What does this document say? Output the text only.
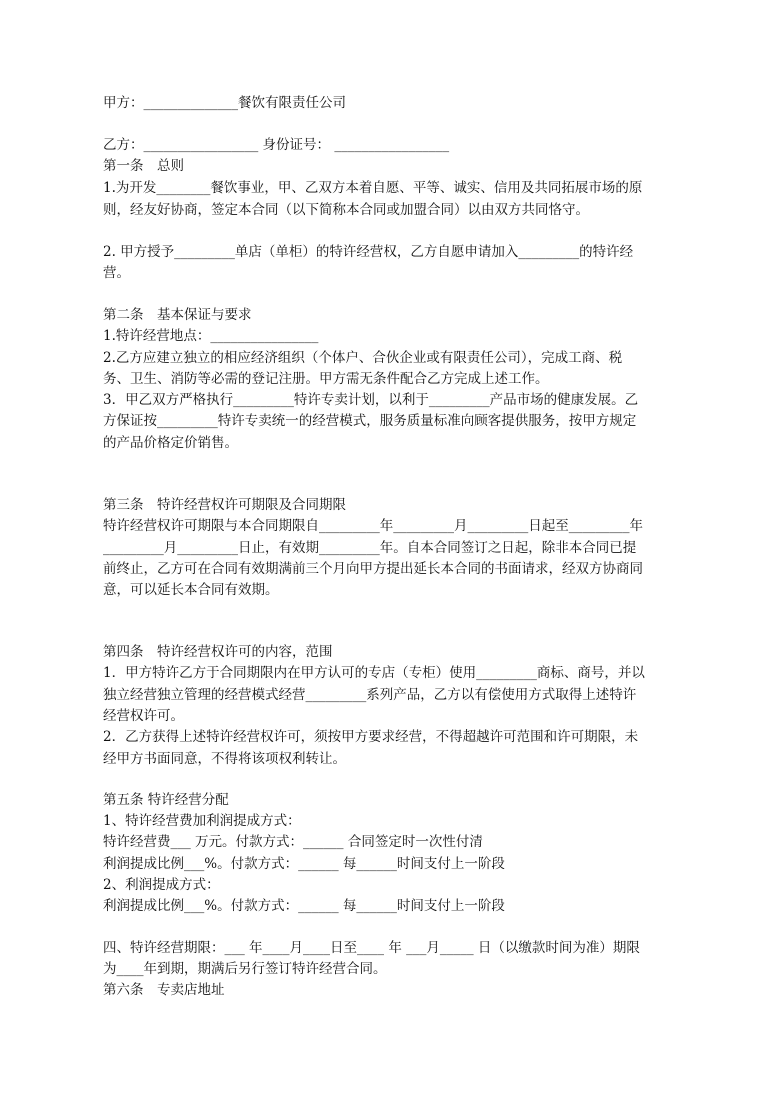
甲方：______________餐饮有限责任公司
乙方：_________________ 身份证号： _________________
第一条　总则
1.为开发________餐饮事业，甲、乙双方本着自愿、平等、诚实、信用及共同拓展市场的原
则，经友好协商，签定本合同（以下简称本合同或加盟合同）以由双方共同恪守。
2. 甲方授予_________单店（单柜）的特许经营权，乙方自愿申请加入_________的特许经
营。
第二条　基本保证与要求
1.特许经营地点：________________
2.乙方应建立独立的相应经济组织（个体户、合伙企业或有限责任公司），完成工商、税
务、卫生、消防等必需的登记注册。甲方需无条件配合乙方完成上述工作。
3．甲乙双方严格执行_________特许专卖计划，以利于_________产品市场的健康发展。乙
方保证按_________特许专卖统一的经营模式，服务质量标准向顾客提供服务，按甲方规定
的产品价格定价销售。
第三条　特许经营权许可期限及合同期限
特许经营权许可期限与本合同期限自_________年_________月_________日起至_________年
_________月_________日止，有效期_________年。自本合同签订之日起，除非本合同已提
前终止，乙方可在合同有效期满前三个月向甲方提出延长本合同的书面请求，经双方协商同
意，可以延长本合同有效期。
第四条　特许经营权许可的内容，范围
1．甲方特许乙方于合同期限内在甲方认可的专店（专柜）使用_________商标、商号，并以
独立经营独立管理的经营模式经营_________系列产品，乙方以有偿使用方式取得上述特许
经营权许可。
2．乙方获得上述特许经营权许可，须按甲方要求经营，不得超越许可范围和许可期限，未
经甲方书面同意，不得将该项权利转让。
第五条 特许经营分配
1、特许经营费加利润提成方式：
特许经营费___ 万元。付款方式：______ 合同签定时一次性付清
利润提成比例___%。付款方式：______ 每______时间支付上一阶段
2、利润提成方式：
利润提成比例___%。付款方式：______ 每______时间支付上一阶段
四、特许经营期限：___ 年____月____日至____ 年 ___月_____ 日（以缴款时间为准）期限
为____年到期，期满后另行签订特许经营合同。
第六条　专卖店地址
